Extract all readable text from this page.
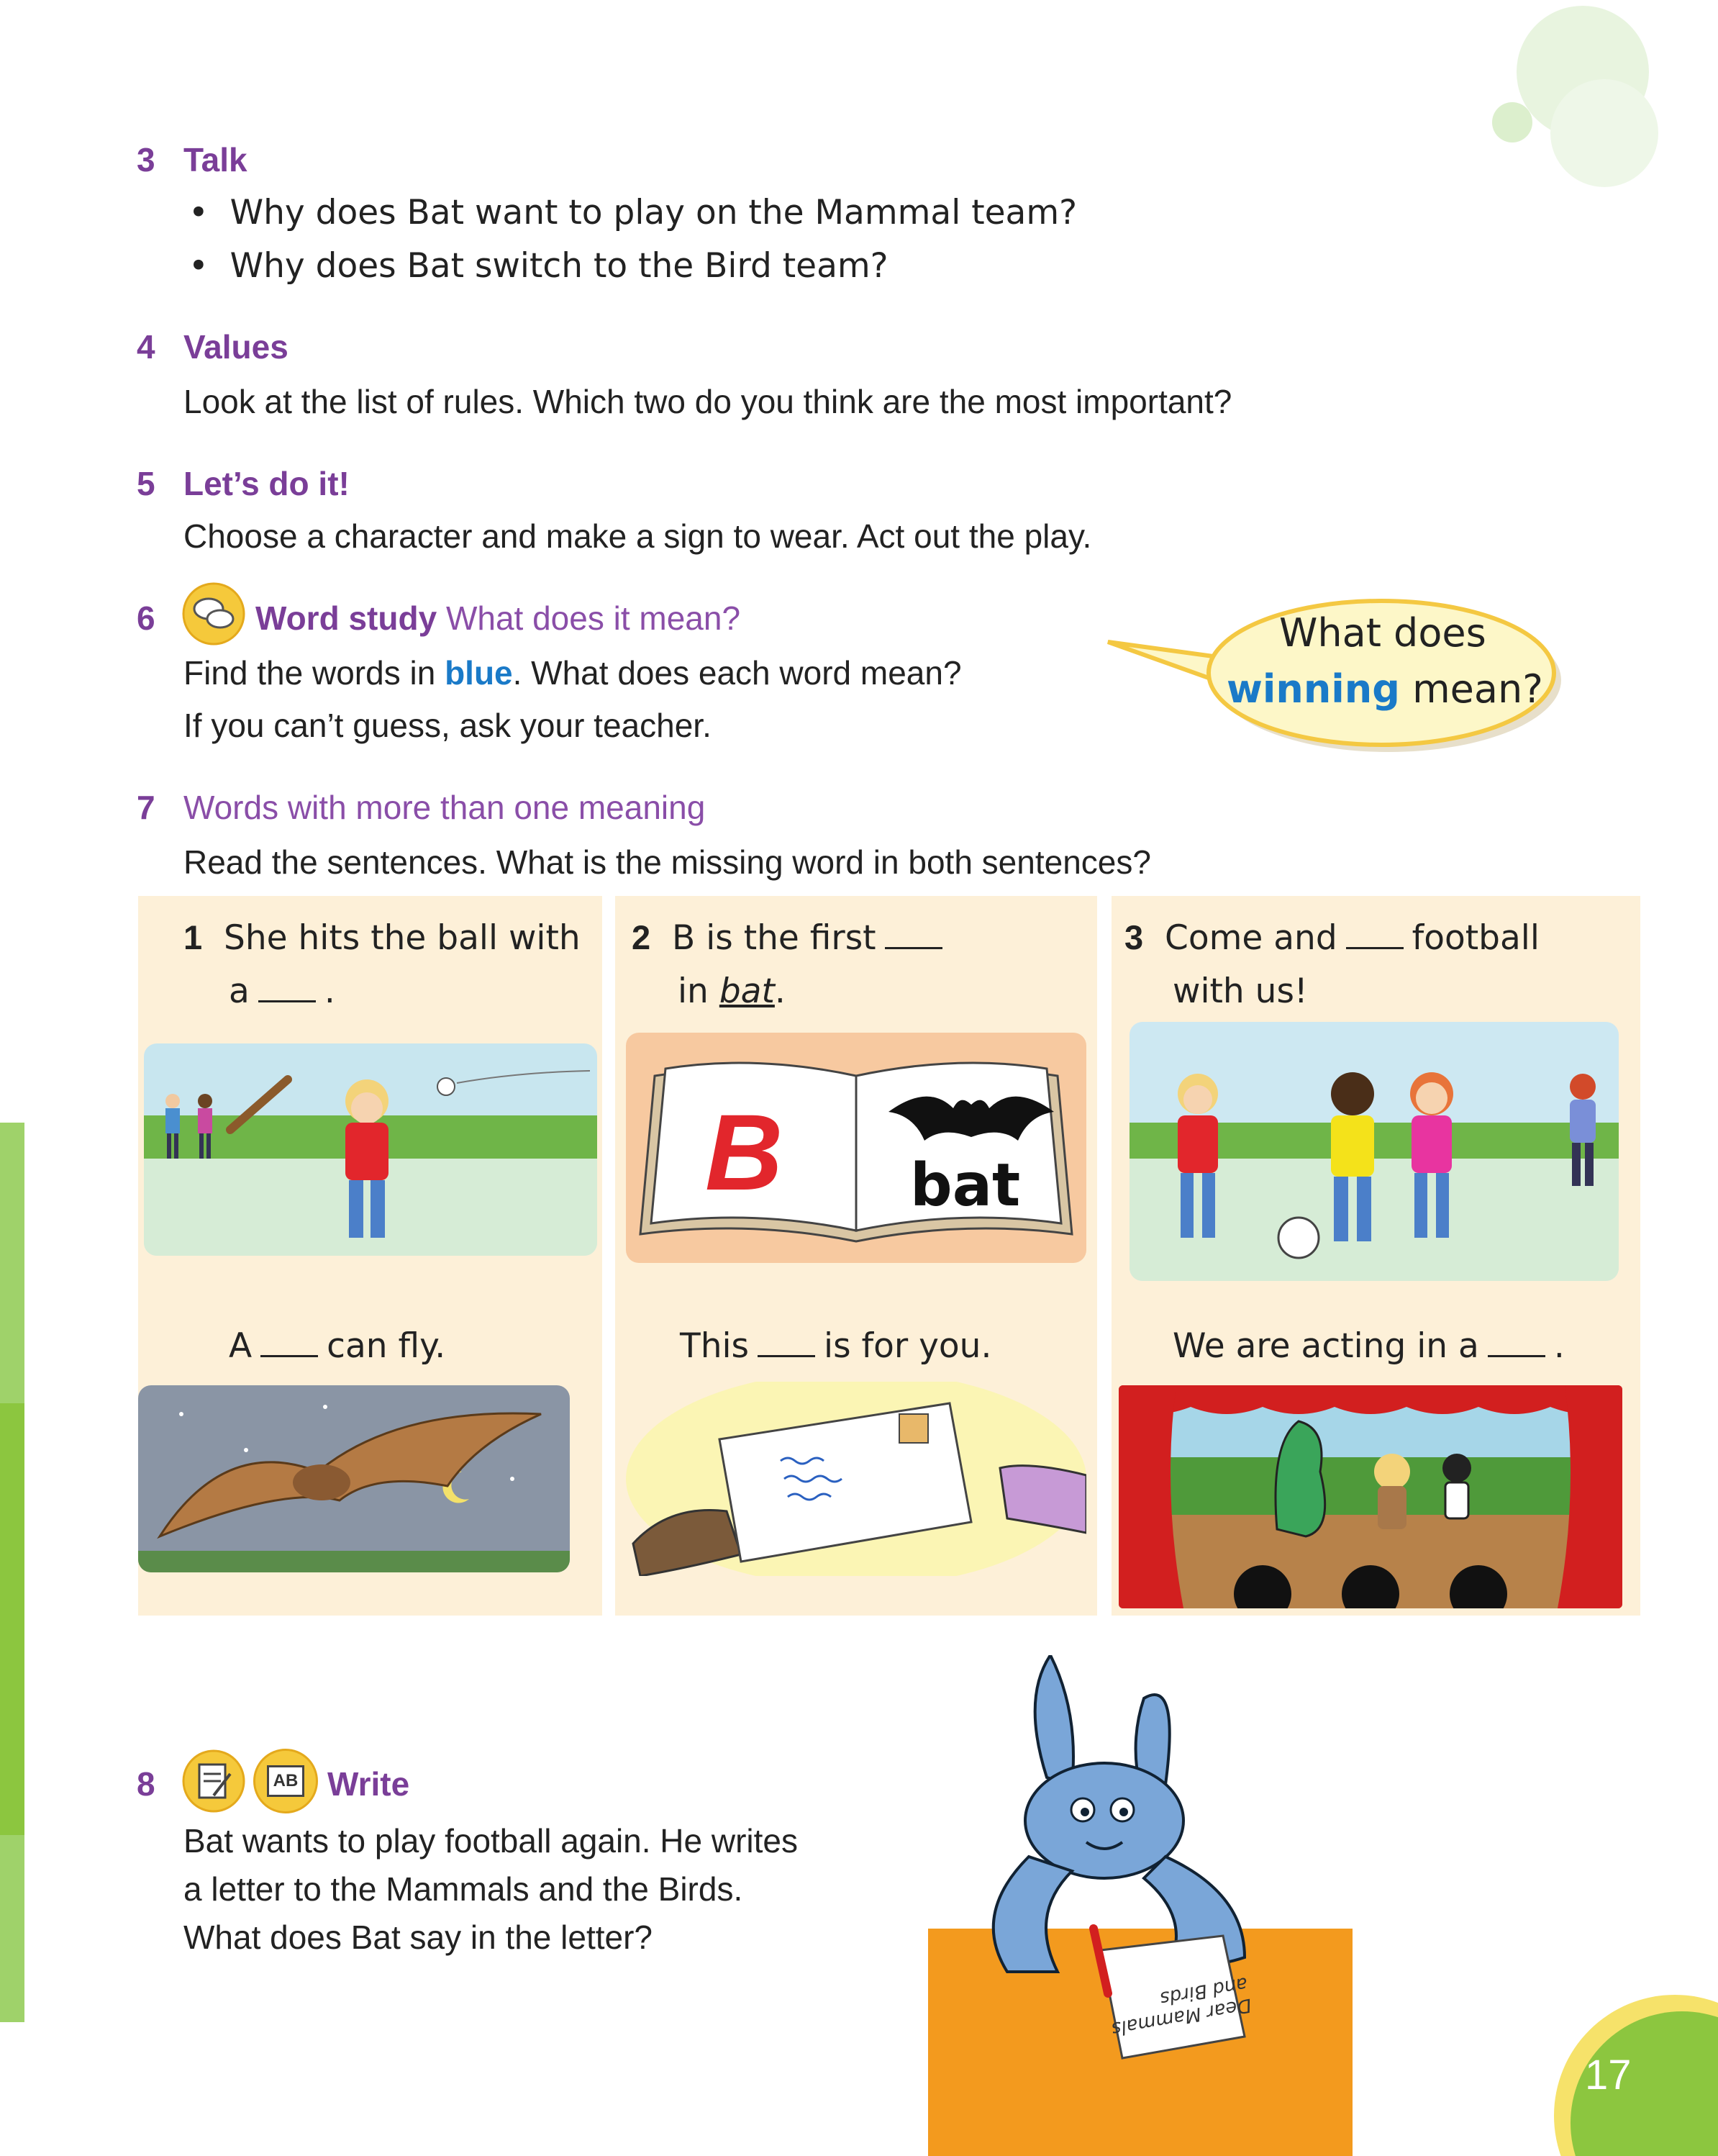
3 Talk
•  Why does Bat want to play on the Mammal team?
•  Why does Bat switch to the Bird team?
4 Values
Look at the list of rules. Which two do you think are the most important?
5 Let’s do it!
Choose a character and make a sign to wear. Act out the play.
6	Word study What does it mean?
Find the words in blue. What does each word mean?
If you can’t guess, ask your teacher.
What does
winning mean?
7 Words with more than one meaning
Read the sentences. What is the missing word in both sentences?
1 She hits the ball with
a .
A can fly.
2 B is the first
in bat.
B bat
This is for you.
3 Come and football
with us!
We are acting in a .
8	AB Write
Bat wants to play football again. He writes
a letter to the Mammals and the Birds.
What does Bat say in the letter?
Dear Mammals and Birds
17
